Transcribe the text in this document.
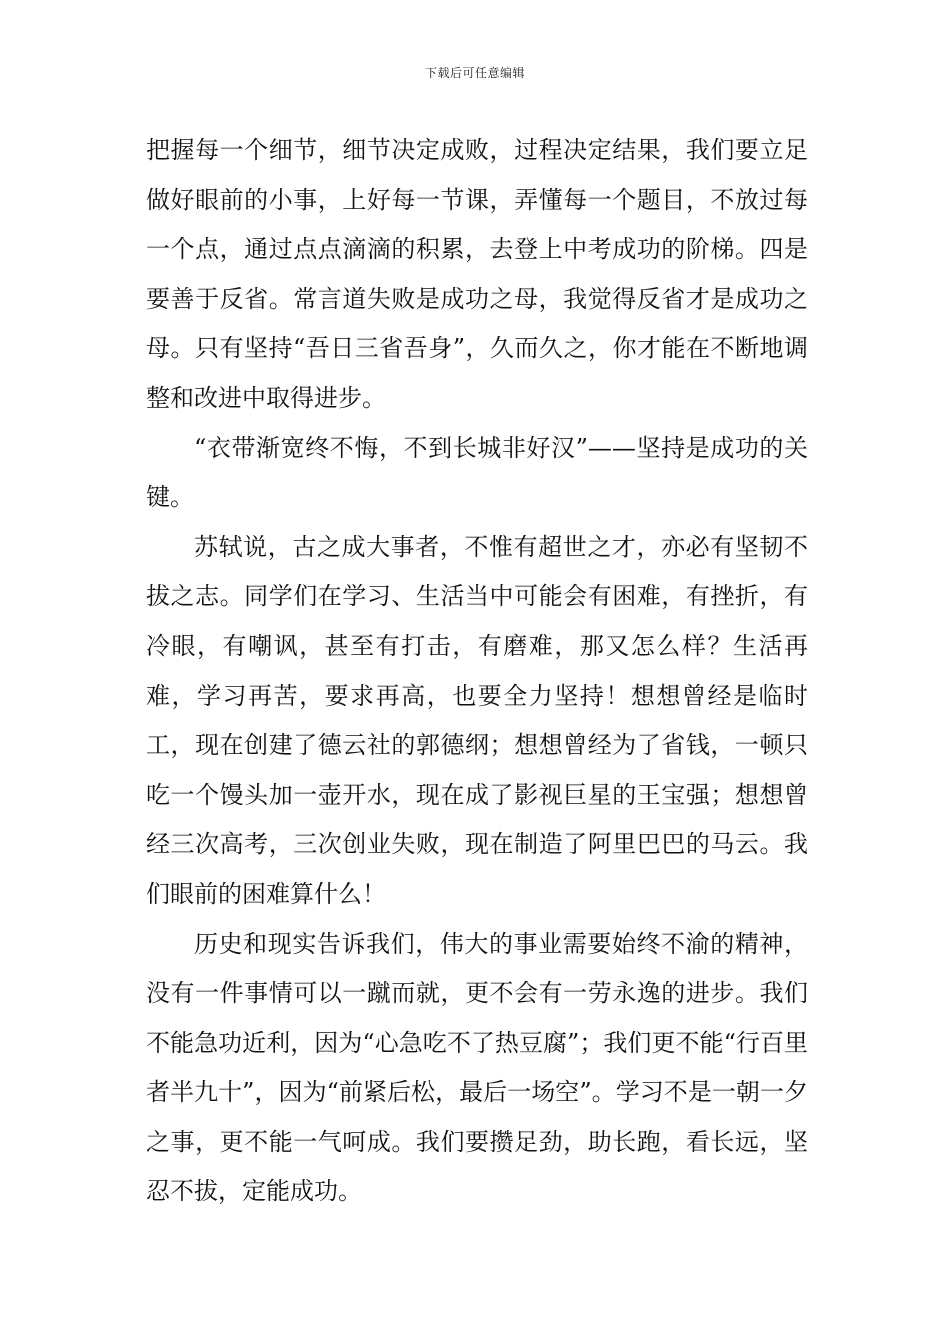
下载后可任意编辑

把握每一个细节，细节决定成败，过程决定结果，我们要立足做好眼前的小事，上好每一节课，弄懂每一个题目，不放过每一个点，通过点点滴滴的积累，去登上中考成功的阶梯。四是要善于反省。常言道失败是成功之母，我觉得反省才是成功之母。只有坚持“吾日三省吾身”，久而久之，你才能在不断地调整和改进中取得进步。

“衣带渐宽终不悔，不到长城非好汉”——坚持是成功的关键。

苏轼说，古之成大事者，不惟有超世之才，亦必有坚韧不拔之志。同学们在学习、生活当中可能会有困难，有挫折，有冷眼，有嘲讽，甚至有打击，有磨难，那又怎么样？生活再难，学习再苦，要求再高，也要全力坚持！想想曾经是临时工，现在创建了德云社的郭德纲；想想曾经为了省钱，一顿只吃一个馒头加一壶开水，现在成了影视巨星的王宝强；想想曾经三次高考，三次创业失败，现在制造了阿里巴巴的马云。我们眼前的困难算什么！

历史和现实告诉我们，伟大的事业需要始终不渝的精神，没有一件事情可以一蹴而就，更不会有一劳永逸的进步。我们不能急功近利，因为“心急吃不了热豆腐”；我们更不能“行百里者半九十”，因为“前紧后松，最后一场空”。学习不是一朝一夕之事，更不能一气呵成。我们要攒足劲，助长跑，看长远，坚忍不拔，定能成功。
